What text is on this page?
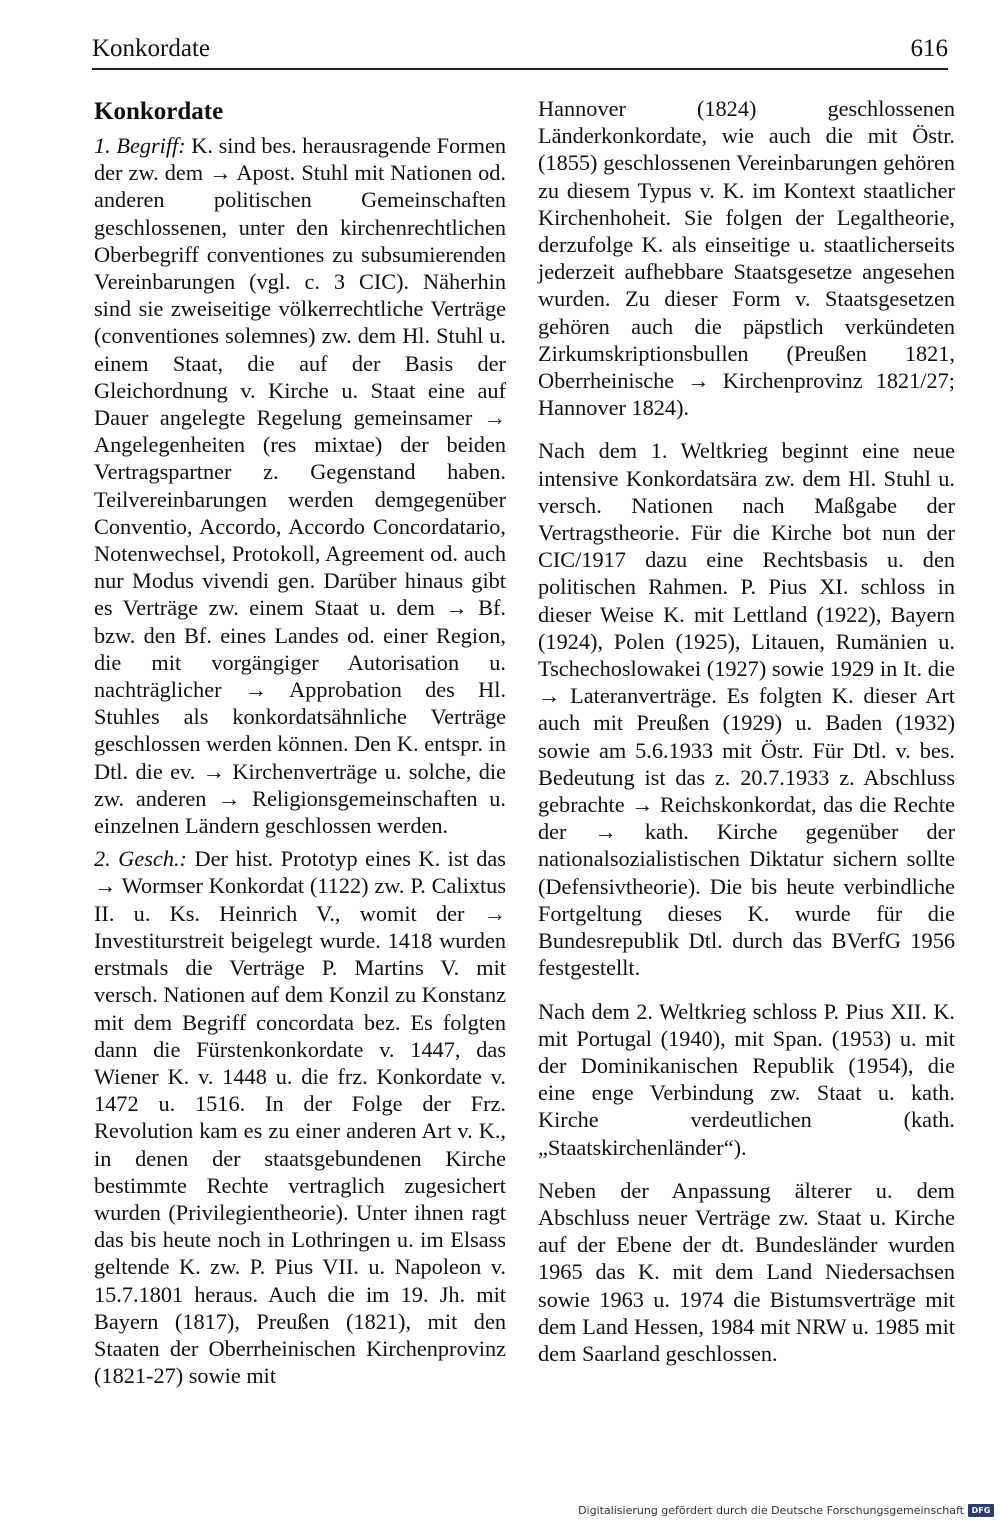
Konkordate	616
Konkordate

1. Begriff: K. sind bes. herausragende Formen der zw. dem → Apost. Stuhl mit Nationen od. anderen politischen Gemeinschaften geschlossenen, unter den kirchenrechtlichen Oberbegriff conventiones zu subsumierenden Vereinbarungen (vgl. c. 3 CIC). Näherhin sind sie zweiseitige völkerrechtliche Verträge (conventiones solemnes) zw. dem Hl. Stuhl u. einem Staat, die auf der Basis der Gleichordnung v. Kirche u. Staat eine auf Dauer angelegte Regelung gemeinsamer → Angelegenheiten (res mixtae) der beiden Vertragspartner z. Gegenstand haben. Teilvereinbarungen werden demgegenüber Conventio, Accordo, Accordo Concordatario, Notenwechsel, Protokoll, Agreement od. auch nur Modus vivendi gen. Darüber hinaus gibt es Verträge zw. einem Staat u. dem → Bf. bzw. den Bf. eines Landes od. einer Region, die mit vorgängiger Autorisation u. nachträglicher → Approbation des Hl. Stuhles als konkordatsähnliche Verträge geschlossen werden können. Den K. entspr. in Dtl. die ev. → Kirchenverträge u. solche, die zw. anderen → Religionsgemeinschaften u. einzelnen Ländern geschlossen werden.

2. Gesch.: Der hist. Prototyp eines K. ist das → Wormser Konkordat (1122) zw. P. Calixtus II. u. Ks. Heinrich V., womit der → Investiturstreit beigelegt wurde. 1418 wurden erstmals die Verträge P. Martins V. mit versch. Nationen auf dem Konzil zu Konstanz mit dem Begriff concordata bez. Es folgten dann die Fürstenkonkordate v. 1447, das Wiener K. v. 1448 u. die frz. Konkordate v. 1472 u. 1516. In der Folge der Frz. Revolution kam es zu einer anderen Art v. K., in denen der staatsgebundenen Kirche bestimmte Rechte vertraglich zugesichert wurden (Privilegientheorie). Unter ihnen ragt das bis heute noch in Lothringen u. im Elsass geltende K. zw. P. Pius VII. u. Napoleon v. 15.7.1801 heraus. Auch die im 19. Jh. mit Bayern (1817), Preußen (1821), mit den Staaten der Oberrheinischen Kirchenprovinz (1821-27) sowie mit

Hannover (1824) geschlossenen Länderkonkordate, wie auch die mit Östr. (1855) geschlossenen Vereinbarungen gehören zu diesem Typus v. K. im Kontext staatlicher Kirchenhoheit. Sie folgen der Legaltheorie, derzufolge K. als einseitige u. staatlicherseits jederzeit aufhebbare Staatsgesetze angesehen wurden. Zu dieser Form v. Staatsgesetzen gehören auch die päpstlich verkündeten Zirkumskriptionsbullen (Preußen 1821, Oberrheinische → Kirchenprovinz 1821/27; Hannover 1824).

Nach dem 1. Weltkrieg beginnt eine neue intensive Konkordatsära zw. dem Hl. Stuhl u. versch. Nationen nach Maßgabe der Vertragstheorie. Für die Kirche bot nun der CIC/1917 dazu eine Rechtsbasis u. den politischen Rahmen. P. Pius XI. schloss in dieser Weise K. mit Lettland (1922), Bayern (1924), Polen (1925), Litauen, Rumänien u. Tschechoslowakei (1927) sowie 1929 in It. die → Lateranverträge. Es folgten K. dieser Art auch mit Preußen (1929) u. Baden (1932) sowie am 5.6.1933 mit Östr. Für Dtl. v. bes. Bedeutung ist das z. 20.7.1933 z. Abschluss gebrachte → Reichskonkordat, das die Rechte der → kath. Kirche gegenüber der nationalsozialistischen Diktatur sichern sollte (Defensivtheorie). Die bis heute verbindliche Fortgeltung dieses K. wurde für die Bundesrepublik Dtl. durch das BVerfG 1956 festgestellt.

Nach dem 2. Weltkrieg schloss P. Pius XII. K. mit Portugal (1940), mit Span. (1953) u. mit der Dominikanischen Republik (1954), die eine enge Verbindung zw. Staat u. kath. Kirche verdeutlichen (kath. „Staatskirchenländer“).

Neben der Anpassung älterer u. dem Abschluss neuer Verträge zw. Staat u. Kirche auf der Ebene der dt. Bundesländer wurden 1965 das K. mit dem Land Niedersachsen sowie 1963 u. 1974 die Bistumsverträge mit dem Land Hessen, 1984 mit NRW u. 1985 mit dem Saarland geschlossen.

Digitalisierung gefördert durch die Deutsche Forschungsgemeinschaft DFG
